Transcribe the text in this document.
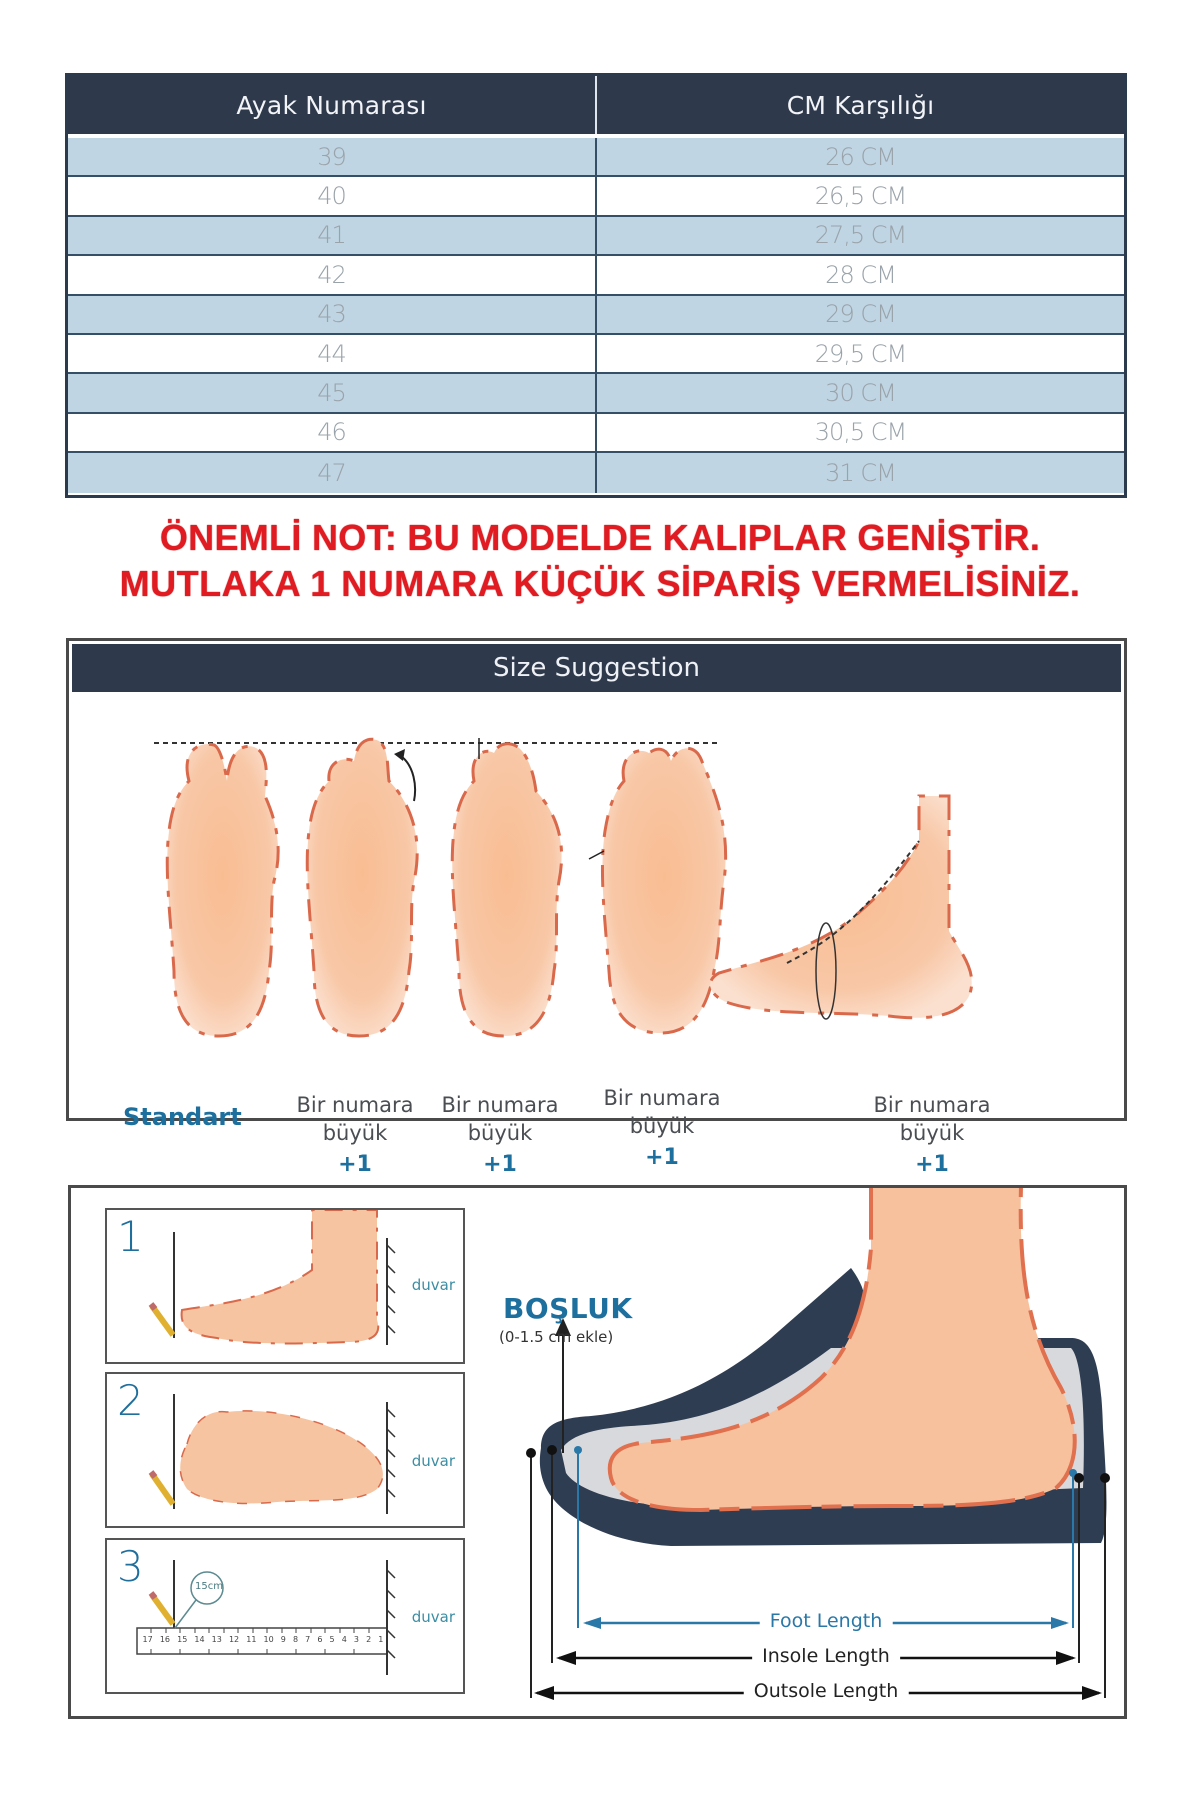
Ayak Numarası	CM Karşılığı
39	26 CM
40	26,5 CM
41	27,5 CM
42	28 CM
43	29 CM
44	29,5 CM
45	30 CM
46	30,5 CM
47	31 CM
ÖNEMLİ NOT: BU MODELDE KALIPLAR GENİŞTİR.
MUTLAKA 1 NUMARA KÜÇÜK SİPARİŞ VERMELİSİNİZ.
Size Suggestion
Standart	Bir numara
büyük
+1
Bir numara
büyük
+1
Bir numara
büyük
+1
Bir numara
büyük
+1
1
duvar
2
duvar
3	15cm
17 16 15 14 13 12 11 10 9 8 7 6 5 4 3 2 1
duvar
BOŞLUK
(0-1.5 cm ekle)
Foot Length
Insole Length
Outsole Length
